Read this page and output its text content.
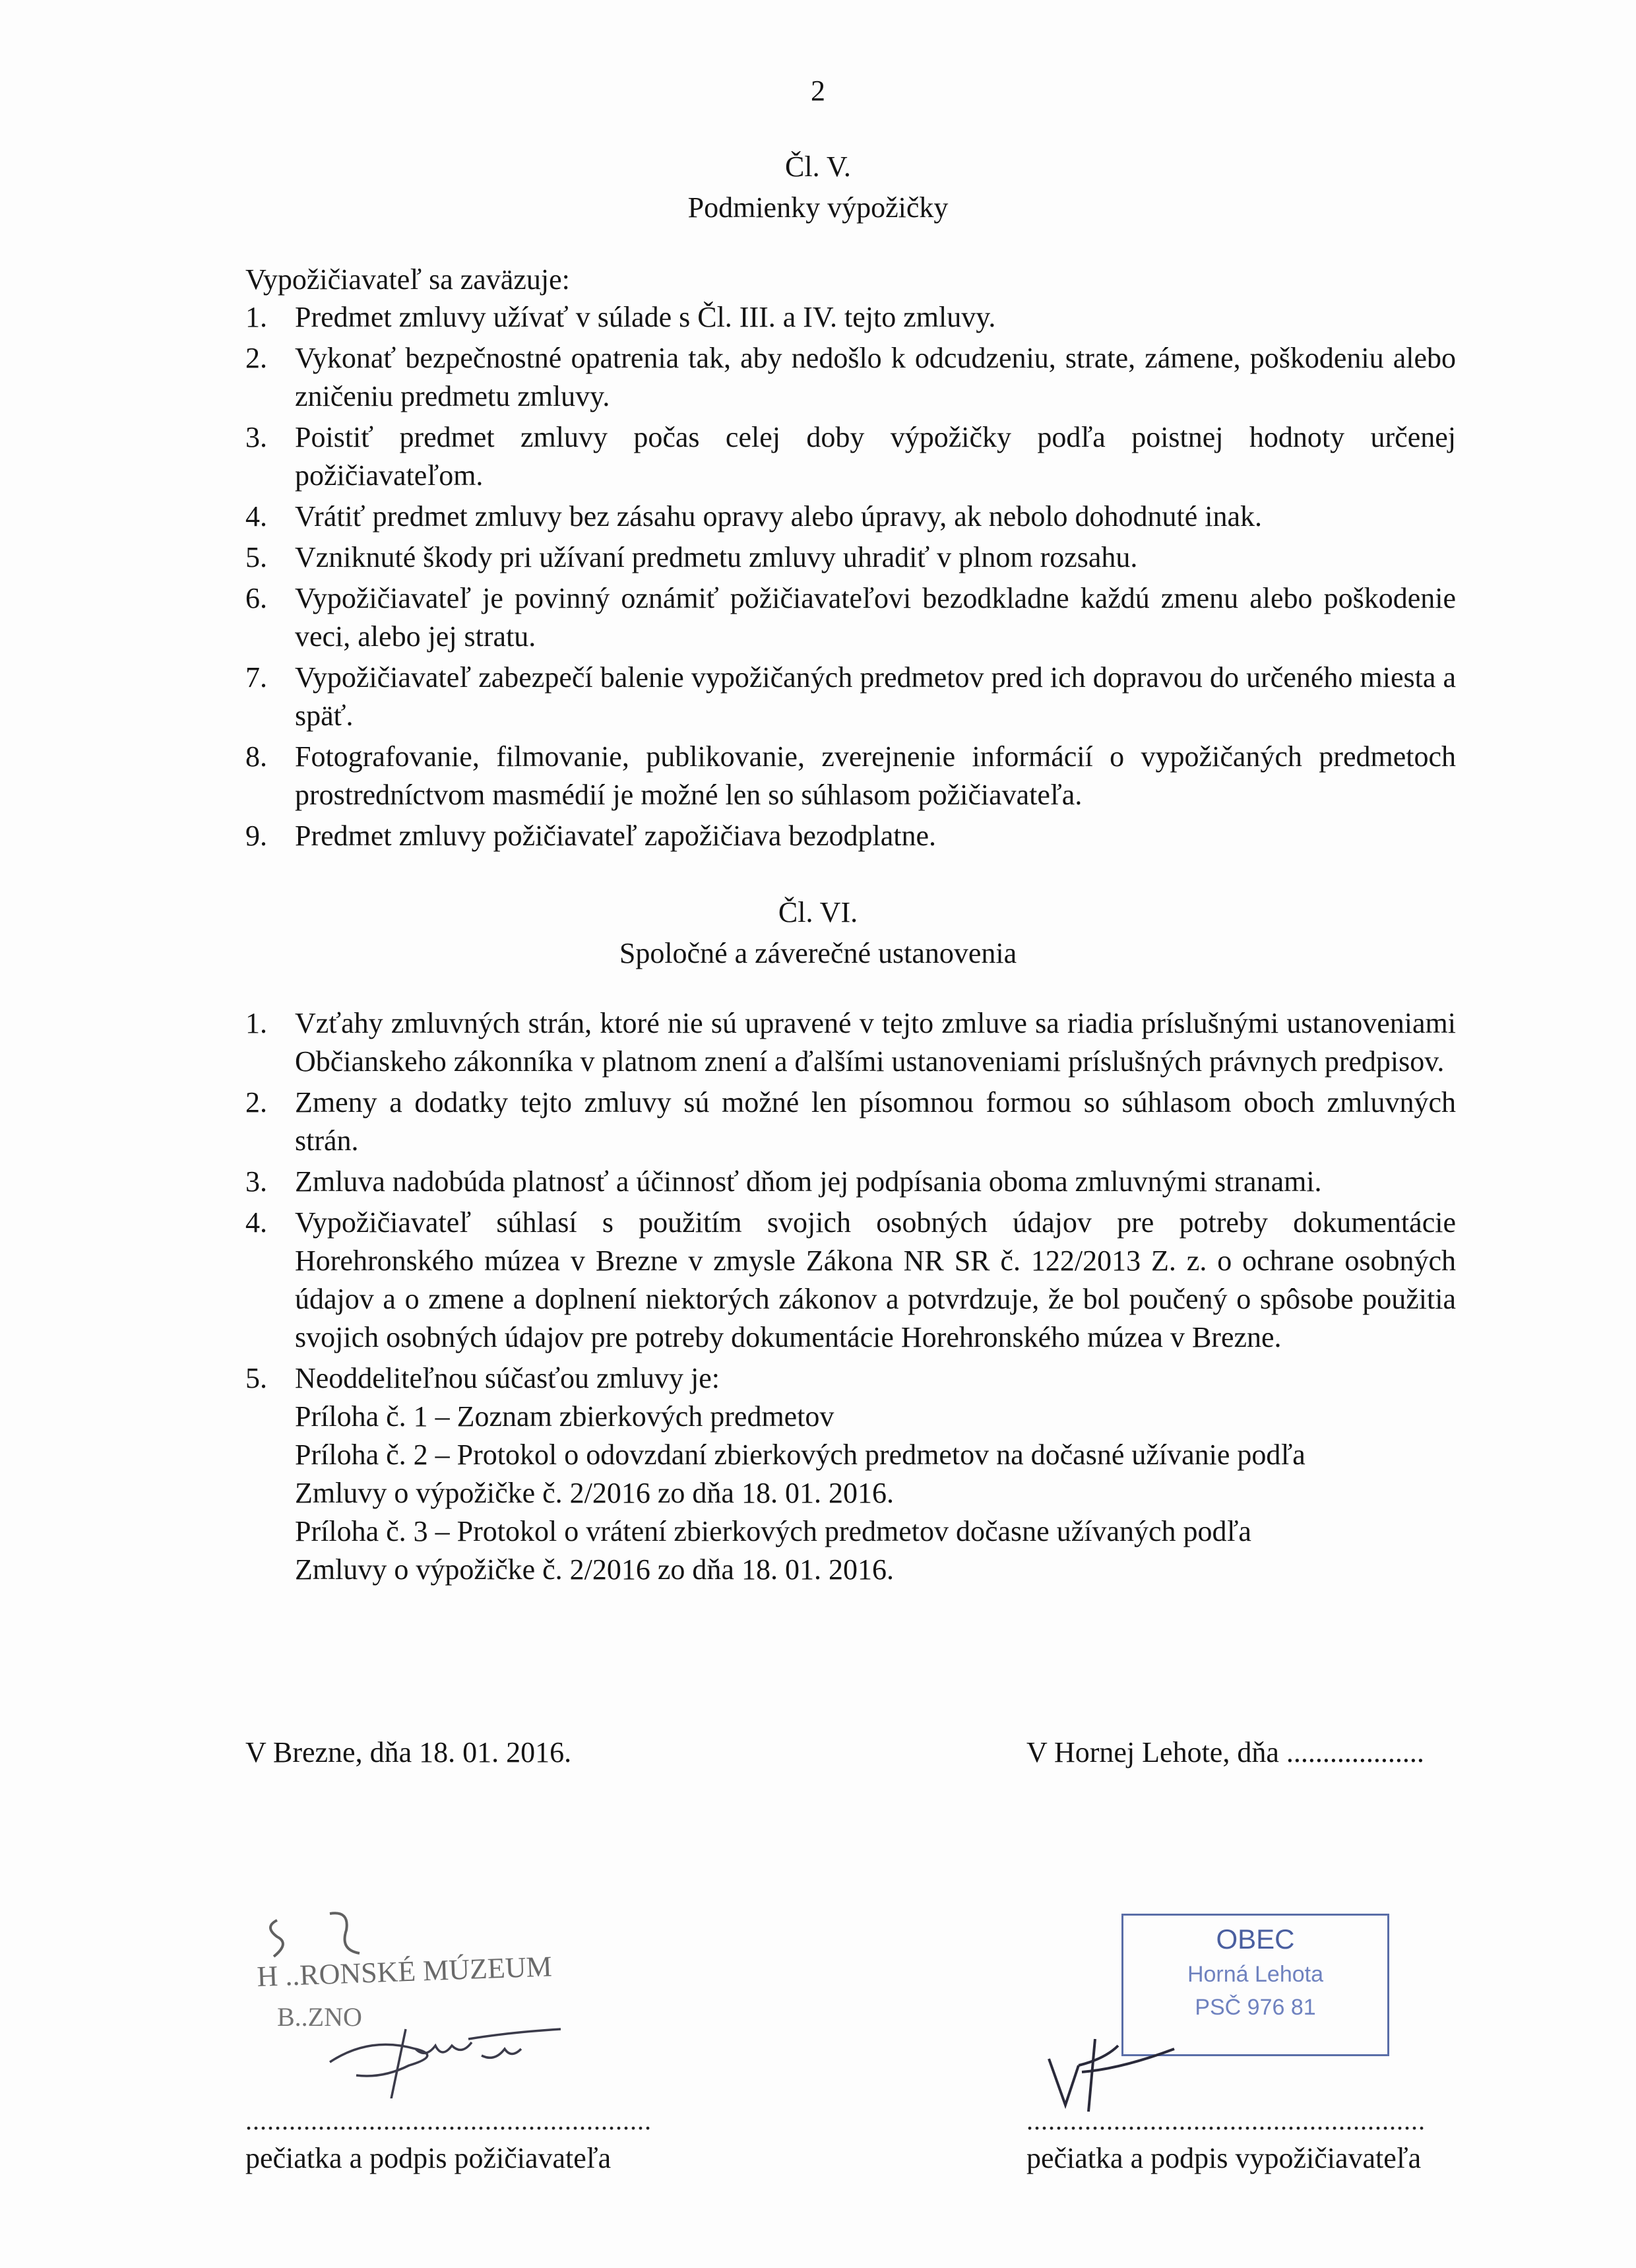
2
Čl. V.
Podmienky výpožičky
Vypožičiavateľ sa zaväzuje:
1. Predmet zmluvy užívať v súlade s Čl. III. a IV. tejto zmluvy.
2. Vykonať bezpečnostné opatrenia tak, aby nedošlo k odcudzeniu, strate, zámene, poškodeniu alebo zničeniu predmetu zmluvy.
3. Poistiť predmet zmluvy počas celej doby výpožičky podľa poistnej hodnoty určenej požičiavateľom.
4. Vrátiť predmet zmluvy bez zásahu opravy alebo úpravy, ak nebolo dohodnuté inak.
5. Vzniknuté škody pri užívaní predmetu zmluvy uhradiť v plnom rozsahu.
6. Vypožičiavateľ je povinný oznámiť požičiavateľovi bezodkladne každú zmenu alebo poškodenie veci, alebo jej stratu.
7. Vypožičiavateľ zabezpečí balenie vypožičaných predmetov pred ich dopravou do určeného miesta a späť.
8. Fotografovanie, filmovanie, publikovanie, zverejnenie informácií o vypožičaných predmetoch prostredníctvom masmédií je možné len so súhlasom požičiavateľa.
9. Predmet zmluvy požičiavateľ zapožičiava bezodplatne.
Čl. VI.
Spoločné a záverečné ustanovenia
1. Vzťahy zmluvných strán, ktoré nie sú upravené v tejto zmluve sa riadia príslušnými ustanoveniami Občianskeho zákonníka v platnom znení a ďalšími ustanoveniami príslušných právnych predpisov.
2. Zmeny a dodatky tejto zmluvy sú možné len písomnou formou so súhlasom oboch zmluvných strán.
3. Zmluva nadobúda platnosť a účinnosť dňom jej podpísania oboma zmluvnými stranami.
4. Vypožičiavateľ súhlasí s použitím svojich osobných údajov pre potreby dokumentácie Horehronského múzea v Brezne v zmysle Zákona NR SR č. 122/2013 Z. z. o ochrane osobných údajov a o zmene a doplnení niektorých zákonov a potvrdzuje, že bol poučený o spôsobe použitia svojich osobných údajov pre potreby dokumentácie Horehronského múzea v Brezne.
5. Neoddeliteľnou súčasťou zmluvy je:
Príloha č. 1 – Zoznam zbierkových predmetov
Príloha č. 2 – Protokol o odovzdaní zbierkových predmetov na dočasné užívanie podľa
Zmluvy o výpožičke č. 2/2016 zo dňa 18. 01. 2016.
Príloha č. 3 – Protokol o vrátení zbierkových predmetov dočasne užívaných podľa
Zmluvy o výpožičke č. 2/2016 zo dňa 18. 01. 2016.
V Brezne, dňa 18. 01. 2016.	V Hornej Lehote, dňa ...................
H ..RONSKÉ MÚZEUM
B..ZNO
OBEC
Horná Lehota
PSČ 976 81
........................................................	.......................................................
pečiatka a podpis požičiavateľa	pečiatka a podpis vypožičiavateľa
